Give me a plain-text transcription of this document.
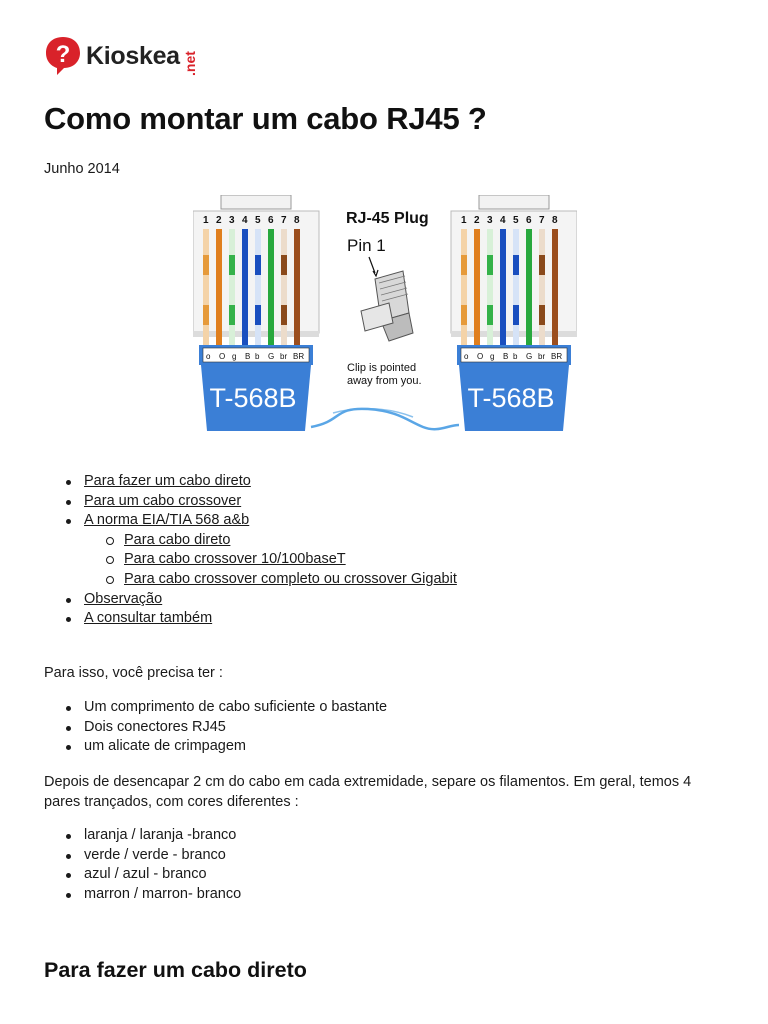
? Kioskea .net
Como montar um cabo RJ45 ?
Junho 2014
1 2 3 4 5 6 7 8
o O g B b G br BR
T-568B
1 2 3 4 5 6 7 8
o O g B b G br BR
T-568B
RJ-45 Plug
Pin 1
Clip is pointed
away from you.
Para fazer um cabo direto
Para um cabo crossover
A norma EIA/TIA 568 a&b
Para cabo direto
Para cabo crossover 10/100baseT
Para cabo crossover completo ou crossover Gigabit
Observação
A consultar também

Para isso, você precisa ter :

Um comprimento de cabo suficiente o bastante
Dois conectores RJ45
um alicate de crimpagem

Depois de desencapar 2 cm do cabo em cada extremidade, separe os filamentos. Em geral, temos 4 pares trançados, com cores diferentes :

laranja / laranja -branco
verde / verde - branco
azul / azul - branco
marron / marron- branco
Para fazer um cabo direto
